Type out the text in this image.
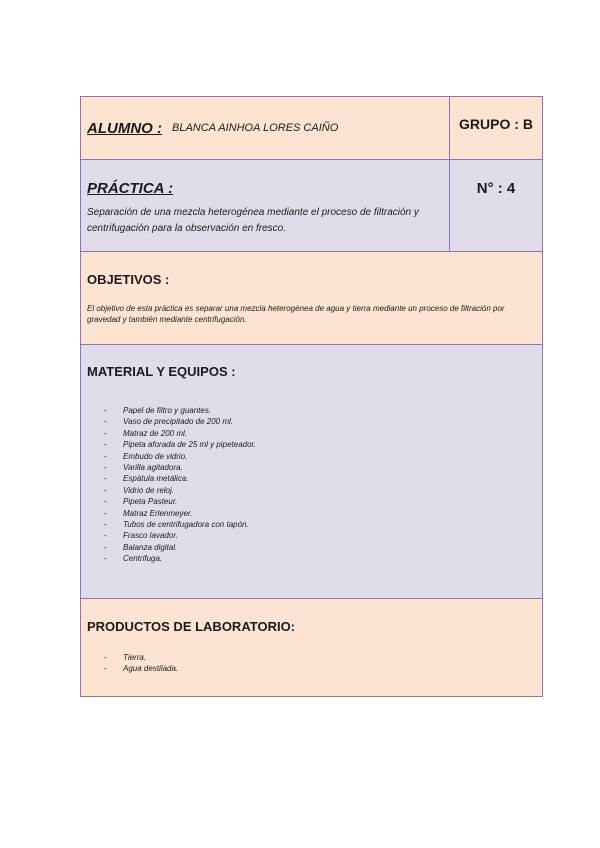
ALUMNO : BLANCA AINHOA LORES CAIÑO	GRUPO : B
PRÁCTICA :
Separación de una mezcla heterogénea mediante el proceso de filtración y centrifugación para la observación en fresco.
N° : 4
OBJETIVOS :
El objetivo de esta práctica es separar una mezcla heterogénea de agua y tierra mediante un proceso de filtración por gravedad y también mediante centrifugación.
MATERIAL Y EQUIPOS :
- Papel de filtro y guantes.
- Vaso de precipitado de 200 ml.
- Matraz de 200 ml.
- Pipeta aforada de 25 ml y pipeteador.
- Embudo de vidrio.
- Varilla agitadora.
- Espátula metálica.
- Vidrio de reloj.
- Pipeta Pasteur.
- Matraz Erlenmeyer.
- Tubos de centrifugadora con tapón.
- Frasco lavador.
- Balanza digital.
- Centrifuga.
PRODUCTOS DE LABORATORIO:
- Tierra.
- Agua destilada.
